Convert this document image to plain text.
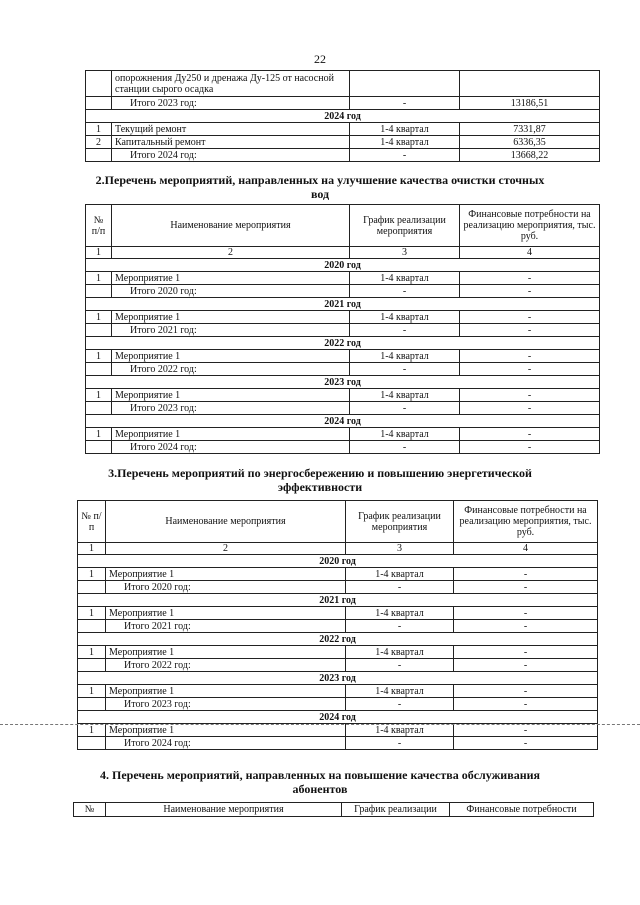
22
	опорожнения Ду250 и дренажа Ду-125 от насосной станции сырого осадка		
	Итого 2023 год:	-	13186,51
2024 год			
1	Текущий ремонт	1-4 квартал	7331,87
2	Капитальный ремонт	1-4 квартал	6336,35
	Итого 2024 год:	-	13668,22
2.Перечень мероприятий, направленных на улучшение качества очистки сточных
вод
№ п/п	Наименование мероприятия	График реализации мероприятия	Финансовые потребности на реализацию мероприятия, тыс. руб.
1	2	3	4
2020 год			
1	Мероприятие 1	1-4 квартал	-
	Итого 2020 год:	-	-
2021 год			
1	Мероприятие 1	1-4 квартал	-
	Итого 2021 год:	-	-
2022 год			
1	Мероприятие 1	1-4 квартал	-
	Итого 2022 год:	-	-
2023 год			
1	Мероприятие 1	1-4 квартал	-
	Итого 2023 год:	-	-
2024 год			
1	Мероприятие 1	1-4 квартал	-
	Итого 2024 год:	-	-
3.Перечень мероприятий по энергосбережению и повышению энергетической
эффективности
№ п/п	Наименование мероприятия	График реализации мероприятия	Финансовые потребности на реализацию мероприятия, тыс. руб.
1	2	3	4
2020 год			
1	Мероприятие 1	1-4 квартал	-
	Итого 2020 год:	-	-
2021 год			
1	Мероприятие 1	1-4 квартал	-
	Итого 2021 год:	-	-
2022 год			
1	Мероприятие 1	1-4 квартал	-
	Итого 2022 год:	-	-
2023 год			
1	Мероприятие 1	1-4 квартал	-
	Итого 2023 год:	-	-
2024 год			
1	Мероприятие 1	1-4 квартал	-
	Итого 2024 год:	-	-
4. Перечень мероприятий, направленных на повышение качества обслуживания
абонентов
№	Наименование мероприятия	График реализации	Финансовые потребности
